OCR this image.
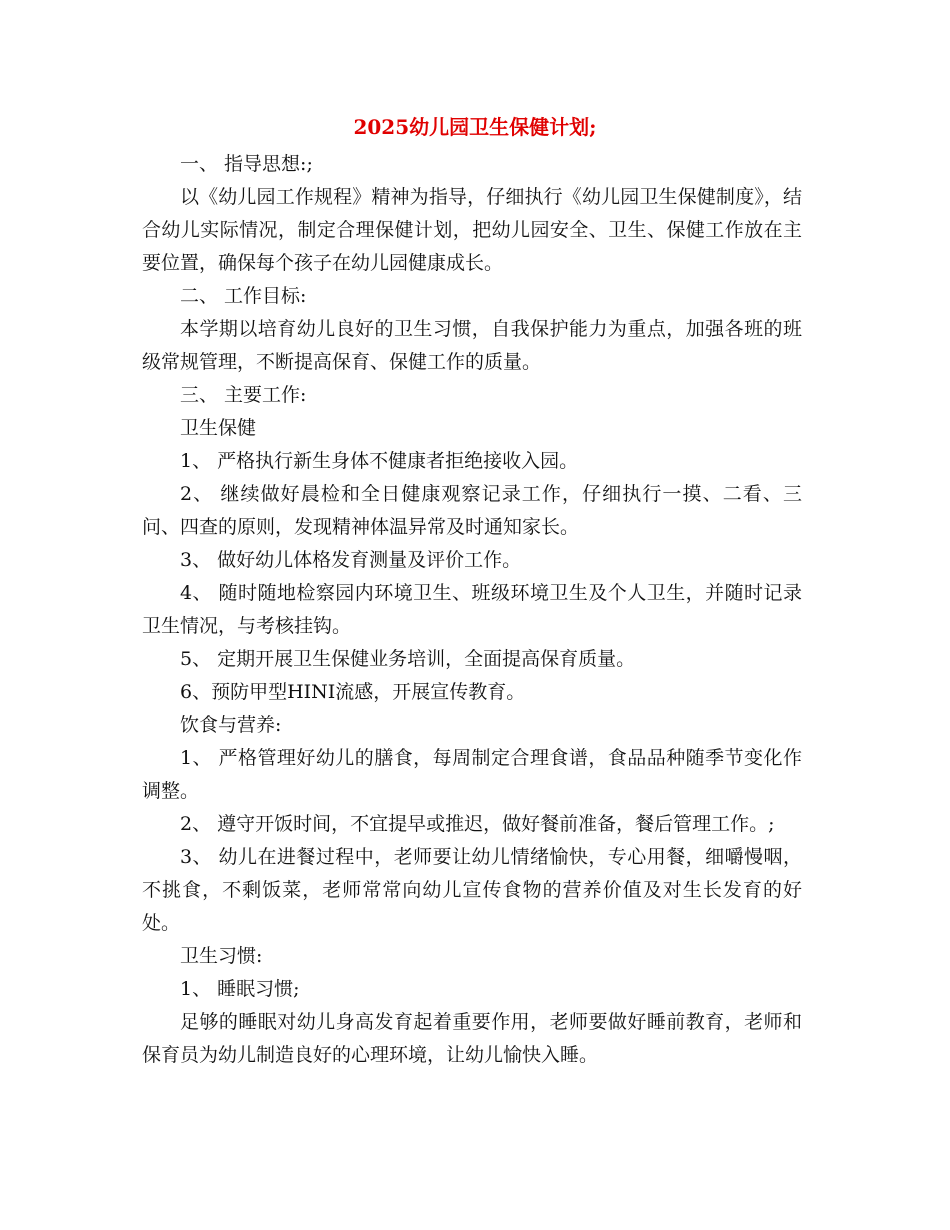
2025幼儿园卫生保健计划;

一、 指导思想:;

以《幼儿园工作规程》精神为指导，仔细执行《幼儿园卫生保健制度》，结合幼儿实际情况，制定合理保健计划，把幼儿园安全、卫生、保健工作放在主要位置，确保每个孩子在幼儿园健康成长。

二、 工作目标:

本学期以培育幼儿良好的卫生习惯，自我保护能力为重点，加强各班的班级常规管理，不断提高保育、保健工作的质量。

三、 主要工作:

卫生保健

1、 严格执行新生身体不健康者拒绝接收入园。

2、 继续做好晨检和全日健康观察记录工作，仔细执行一摸、二看、三问、四查的原则，发现精神体温异常及时通知家长。

3、 做好幼儿体格发育测量及评价工作。

4、 随时随地检察园内环境卫生、班级环境卫生及个人卫生，并随时记录卫生情况，与考核挂钩。

5、 定期开展卫生保健业务培训，全面提高保育质量。

6、预防甲型HINI流感，开展宣传教育。

饮食与营养:

1、 严格管理好幼儿的膳食，每周制定合理食谱，食品品种随季节变化作调整。

2、 遵守开饭时间，不宜提早或推迟，做好餐前准备，餐后管理工作。;

3、 幼儿在进餐过程中，老师要让幼儿情绪愉快，专心用餐，细嚼慢咽，不挑食，不剩饭菜，老师常常向幼儿宣传食物的营养价值及对生长发育的好处。

卫生习惯:

1、 睡眠习惯;

足够的睡眠对幼儿身高发育起着重要作用，老师要做好睡前教育，老师和保育员为幼儿制造良好的心理环境，让幼儿愉快入睡。
